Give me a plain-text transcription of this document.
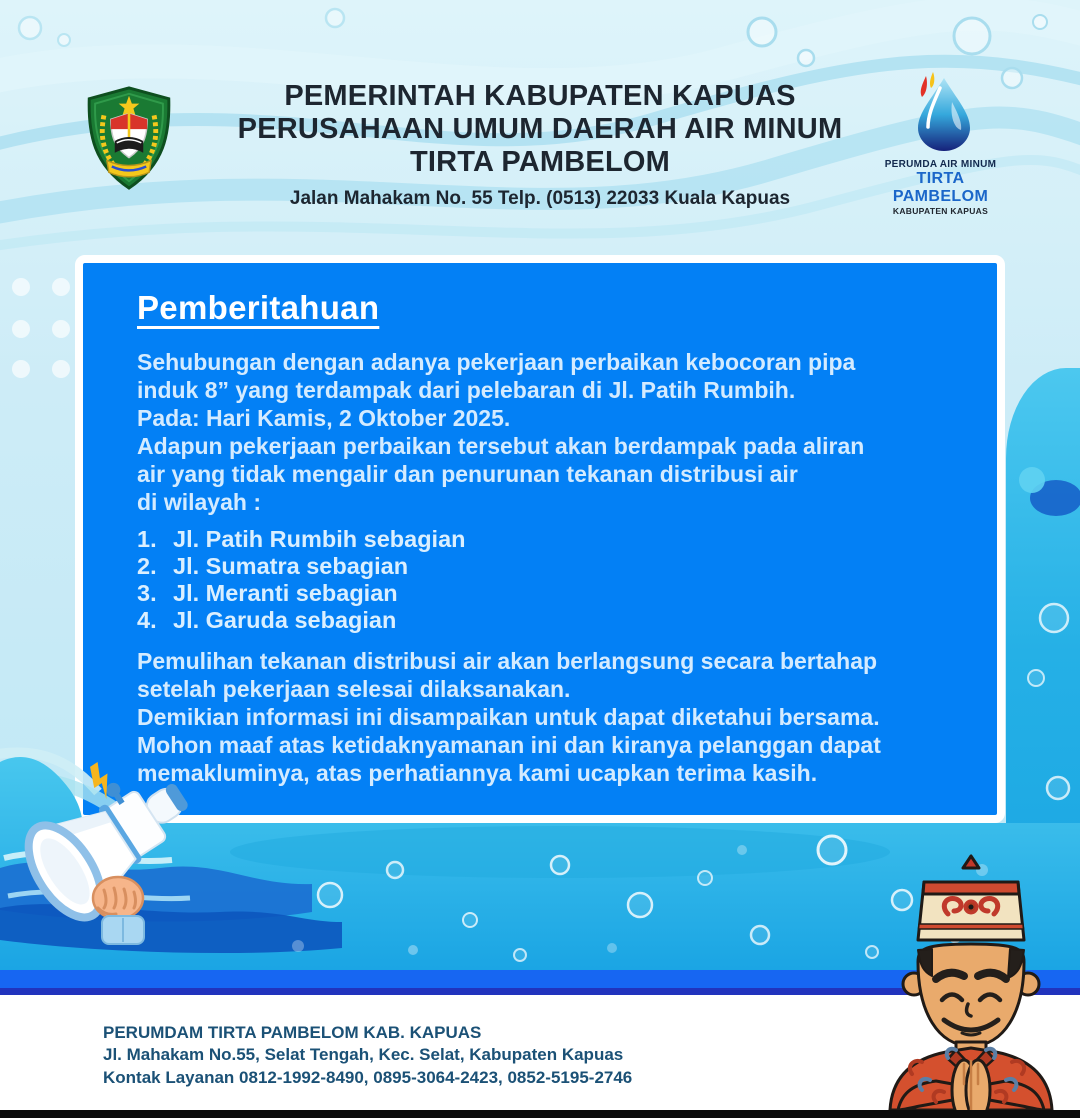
PEMERINTAH KABUPATEN KAPUAS
PERUSAHAAN UMUM DAERAH AIR MINUM
TIRTA PAMBELOM
Jalan Mahakam No. 55 Telp. (0513) 22033 Kuala Kapuas
PERUMDA AIR MINUM
TIRTA PAMBELOM
KABUPATEN KAPUAS
Pemberitahuan
Sehubungan dengan adanya pekerjaan perbaikan kebocoran pipa
induk 8” yang terdampak dari pelebaran di Jl. Patih Rumbih.
Pada: Hari Kamis, 2 Oktober 2025.
Adapun pekerjaan perbaikan tersebut akan berdampak pada aliran
air yang tidak mengalir dan penurunan tekanan distribusi air
di wilayah :
1. Jl. Patih Rumbih sebagian
2. Jl. Sumatra sebagian
3. Jl. Meranti sebagian
4. Jl. Garuda sebagian
Pemulihan tekanan distribusi air akan berlangsung secara bertahap
setelah pekerjaan selesai dilaksanakan.
Demikian informasi ini disampaikan untuk dapat diketahui bersama.
Mohon maaf atas ketidaknyamanan ini dan kiranya pelanggan dapat
memakluminya, atas perhatiannya kami ucapkan terima kasih.
PERUMDAM TIRTA PAMBELOM KAB. KAPUAS
Jl. Mahakam No.55, Selat Tengah, Kec. Selat, Kabupaten Kapuas
Kontak Layanan 0812-1992-8490, 0895-3064-2423, 0852-5195-2746
